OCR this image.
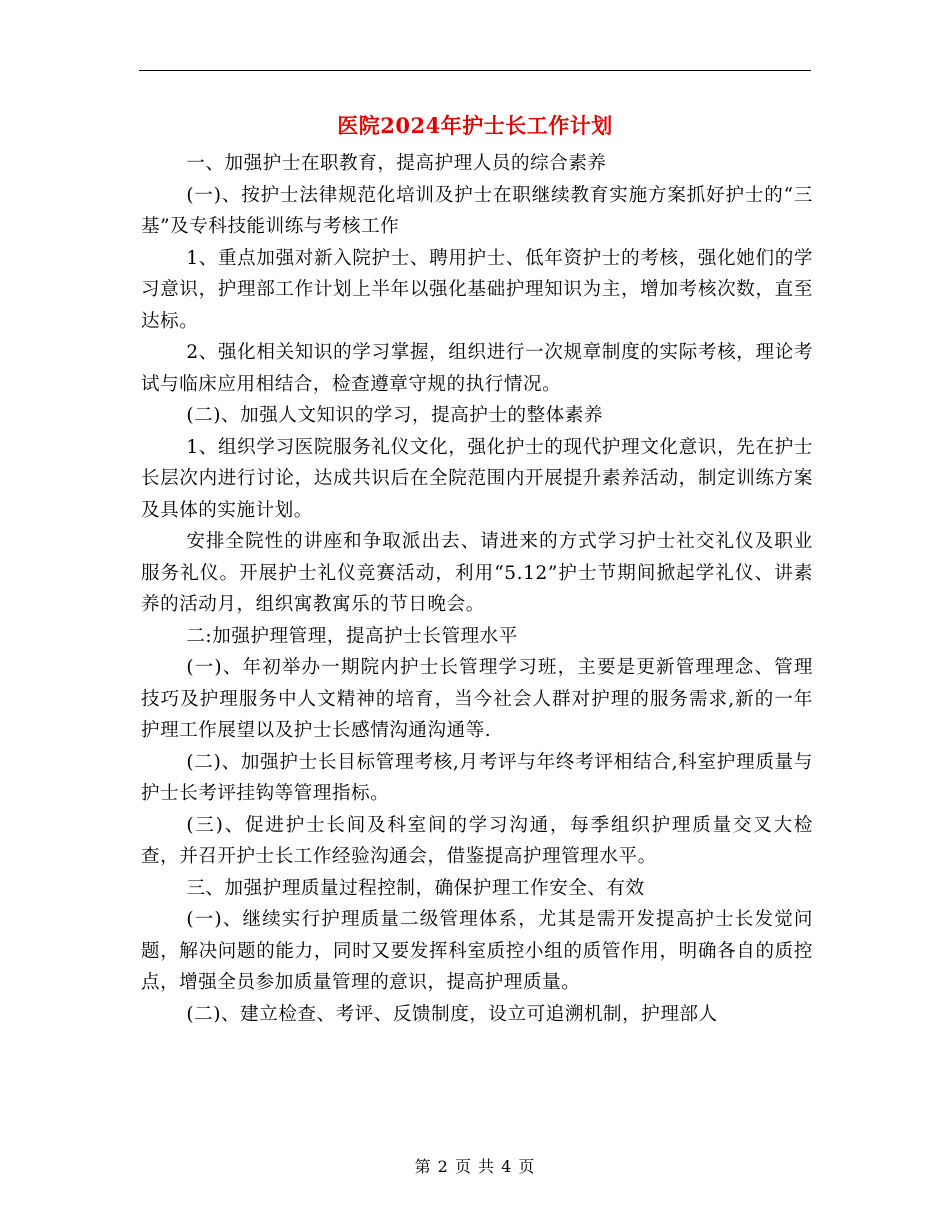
医院2024年护士长工作计划

一、加强护士在职教育，提高护理人员的综合素养

(一)、按护士法律规范化培训及护士在职继续教育实施方案抓好护士的“三基”及专科技能训练与考核工作

1、重点加强对新入院护士、聘用护士、低年资护士的考核，强化她们的学习意识，护理部工作计划上半年以强化基础护理知识为主，增加考核次数，直至达标。

2、强化相关知识的学习掌握，组织进行一次规章制度的实际考核，理论考试与临床应用相结合，检查遵章守规的执行情况。

(二)、加强人文知识的学习，提高护士的整体素养

1、组织学习医院服务礼仪文化，强化护士的现代护理文化意识，先在护士长层次内进行讨论，达成共识后在全院范围内开展提升素养活动，制定训练方案及具体的实施计划。

安排全院性的讲座和争取派出去、请进来的方式学习护士社交礼仪及职业服务礼仪。开展护士礼仪竞赛活动，利用“5.12”护士节期间掀起学礼仪、讲素养的活动月，组织寓教寓乐的节日晚会。

二:加强护理管理，提高护士长管理水平

(一)、年初举办一期院内护士长管理学习班，主要是更新管理理念、管理技巧及护理服务中人文精神的培育，当今社会人群对护理的服务需求,新的一年护理工作展望以及护士长感情沟通沟通等.

(二)、加强护士长目标管理考核,月考评与年终考评相结合,科室护理质量与护士长考评挂钩等管理指标。

(三)、促进护士长间及科室间的学习沟通，每季组织护理质量交叉大检查，并召开护士长工作经验沟通会，借鉴提高护理管理水平。

三、加强护理质量过程控制，确保护理工作安全、有效

(一)、继续实行护理质量二级管理体系，尤其是需开发提高护士长发觉问题，解决问题的能力，同时又要发挥科室质控小组的质管作用，明确各自的质控点，增强全员参加质量管理的意识，提高护理质量。

(二)、建立检查、考评、反馈制度，设立可追溯机制，护理部人

第 2 页 共 4 页
